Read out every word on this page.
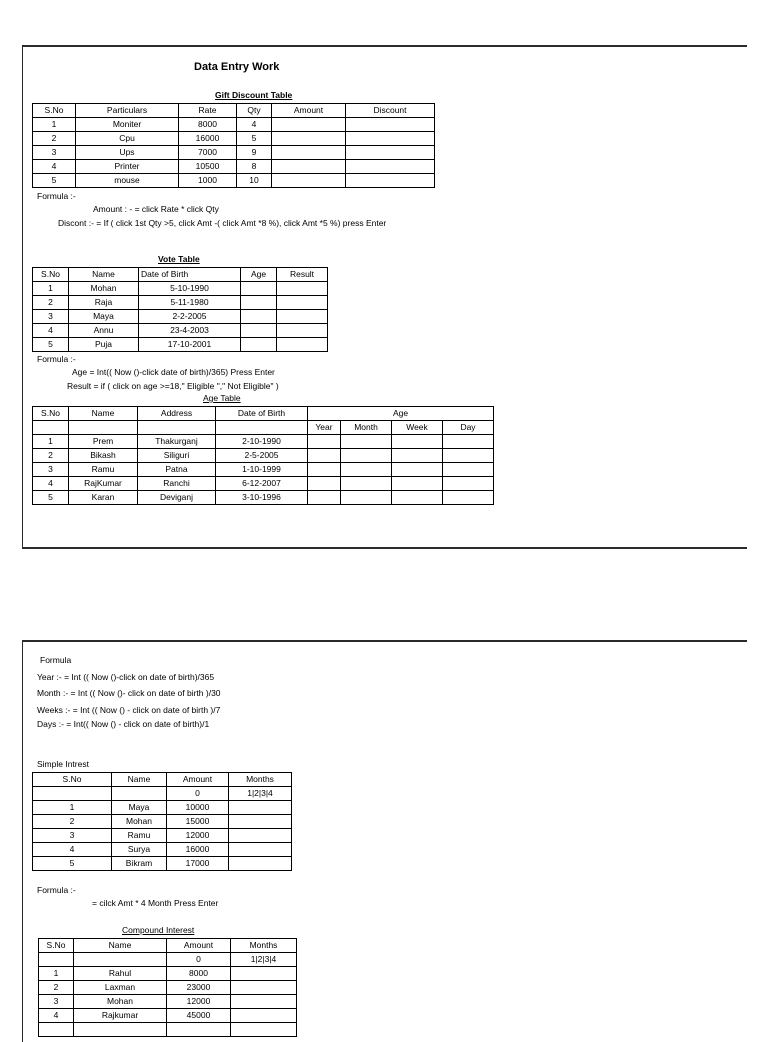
Data Entry Work
Gift Discount Table
S.No	Particulars	Rate	Qty	Amount	Discount
1	Moniter	8000	4		
2	Cpu	16000	5		
3	Ups	7000	9		
4	Printer	10500	8		
5	mouse	1000	10		
Formula :-
Amount : - = click Rate * click Qty
Discont :- = If ( click 1st Qty >5, click Amt -( click Amt *8 %), click Amt *5 %) press Enter
Vote Table
S.No	Name	Date of Birth	Age	Result
1	Mohan	5-10-1990		
2	Raja	5-11-1980		
3	Maya	2-2-2005		
4	Annu	23-4-2003		
5	Puja	17-10-2001		
Formula :-
Age = Int(( Now ()-click date of birth)/365) Press Enter
Result = if ( click on age >=18," Eligible "," Not Eligible" )
Age Table
S.No	Name	Address	Date of Birth	Age			
				Year	Month	Week	Day
1	Prem	Thakurganj	2-10-1990				
2	Bikash	Siliguri	2-5-2005				
3	Ramu	Patna	1-10-1999				
4	RajKumar	Ranchi	6-12-2007				
5	Karan	Deviganj	3-10-1996				
Formula
Year :- = Int (( Now ()-click on date of birth)/365
Month :- = Int (( Now ()- click on date of birth )/30
Weeks :- = Int (( Now () - click on date of birth )/7
Days :- = Int(( Now () - click on date of birth)/1
Simple Intrest
S.No	Name	Amount	Months
		0	1|2|3|4
1	Maya	10000	
2	Mohan	15000	
3	Ramu	12000	
4	Surya	16000	
5	Bikram	17000	
Formula :-
= cilck Amt * 4 Month Press Enter
Compound Interest
S.No	Name	Amount	Months
		0	1|2|3|4
1	Rahul	8000	
2	Laxman	23000	
3	Mohan	12000	
4	Rajkumar	45000	
